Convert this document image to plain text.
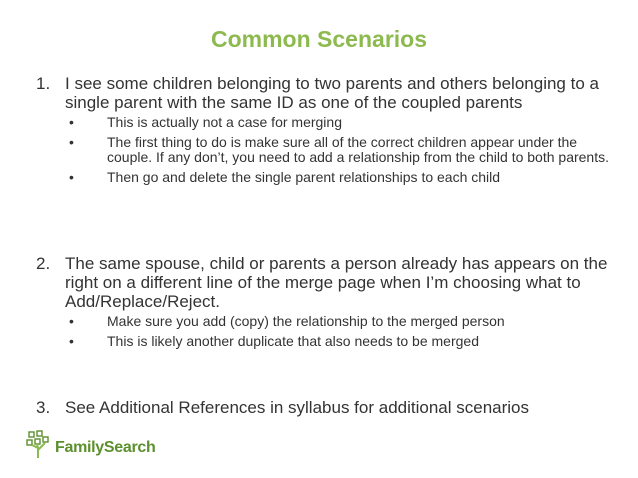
Common Scenarios
1. I see some children belonging to two parents and others belonging to a single parent with the same ID as one of the coupled parents
• This is actually not a case for merging
• The first thing to do is make sure all of the correct children appear under the couple. If any don’t, you need to add a relationship from the child to both parents.
• Then go and delete the single parent relationships to each child
2. The same spouse, child or parents a person already has appears on the right on a different line of the merge page when I’m choosing what to Add/Replace/Reject.
• Make sure you add (copy) the relationship to the merged person
• This is likely another duplicate that also needs to be merged
3. See Additional References in syllabus for additional scenarios
FamilySearch
